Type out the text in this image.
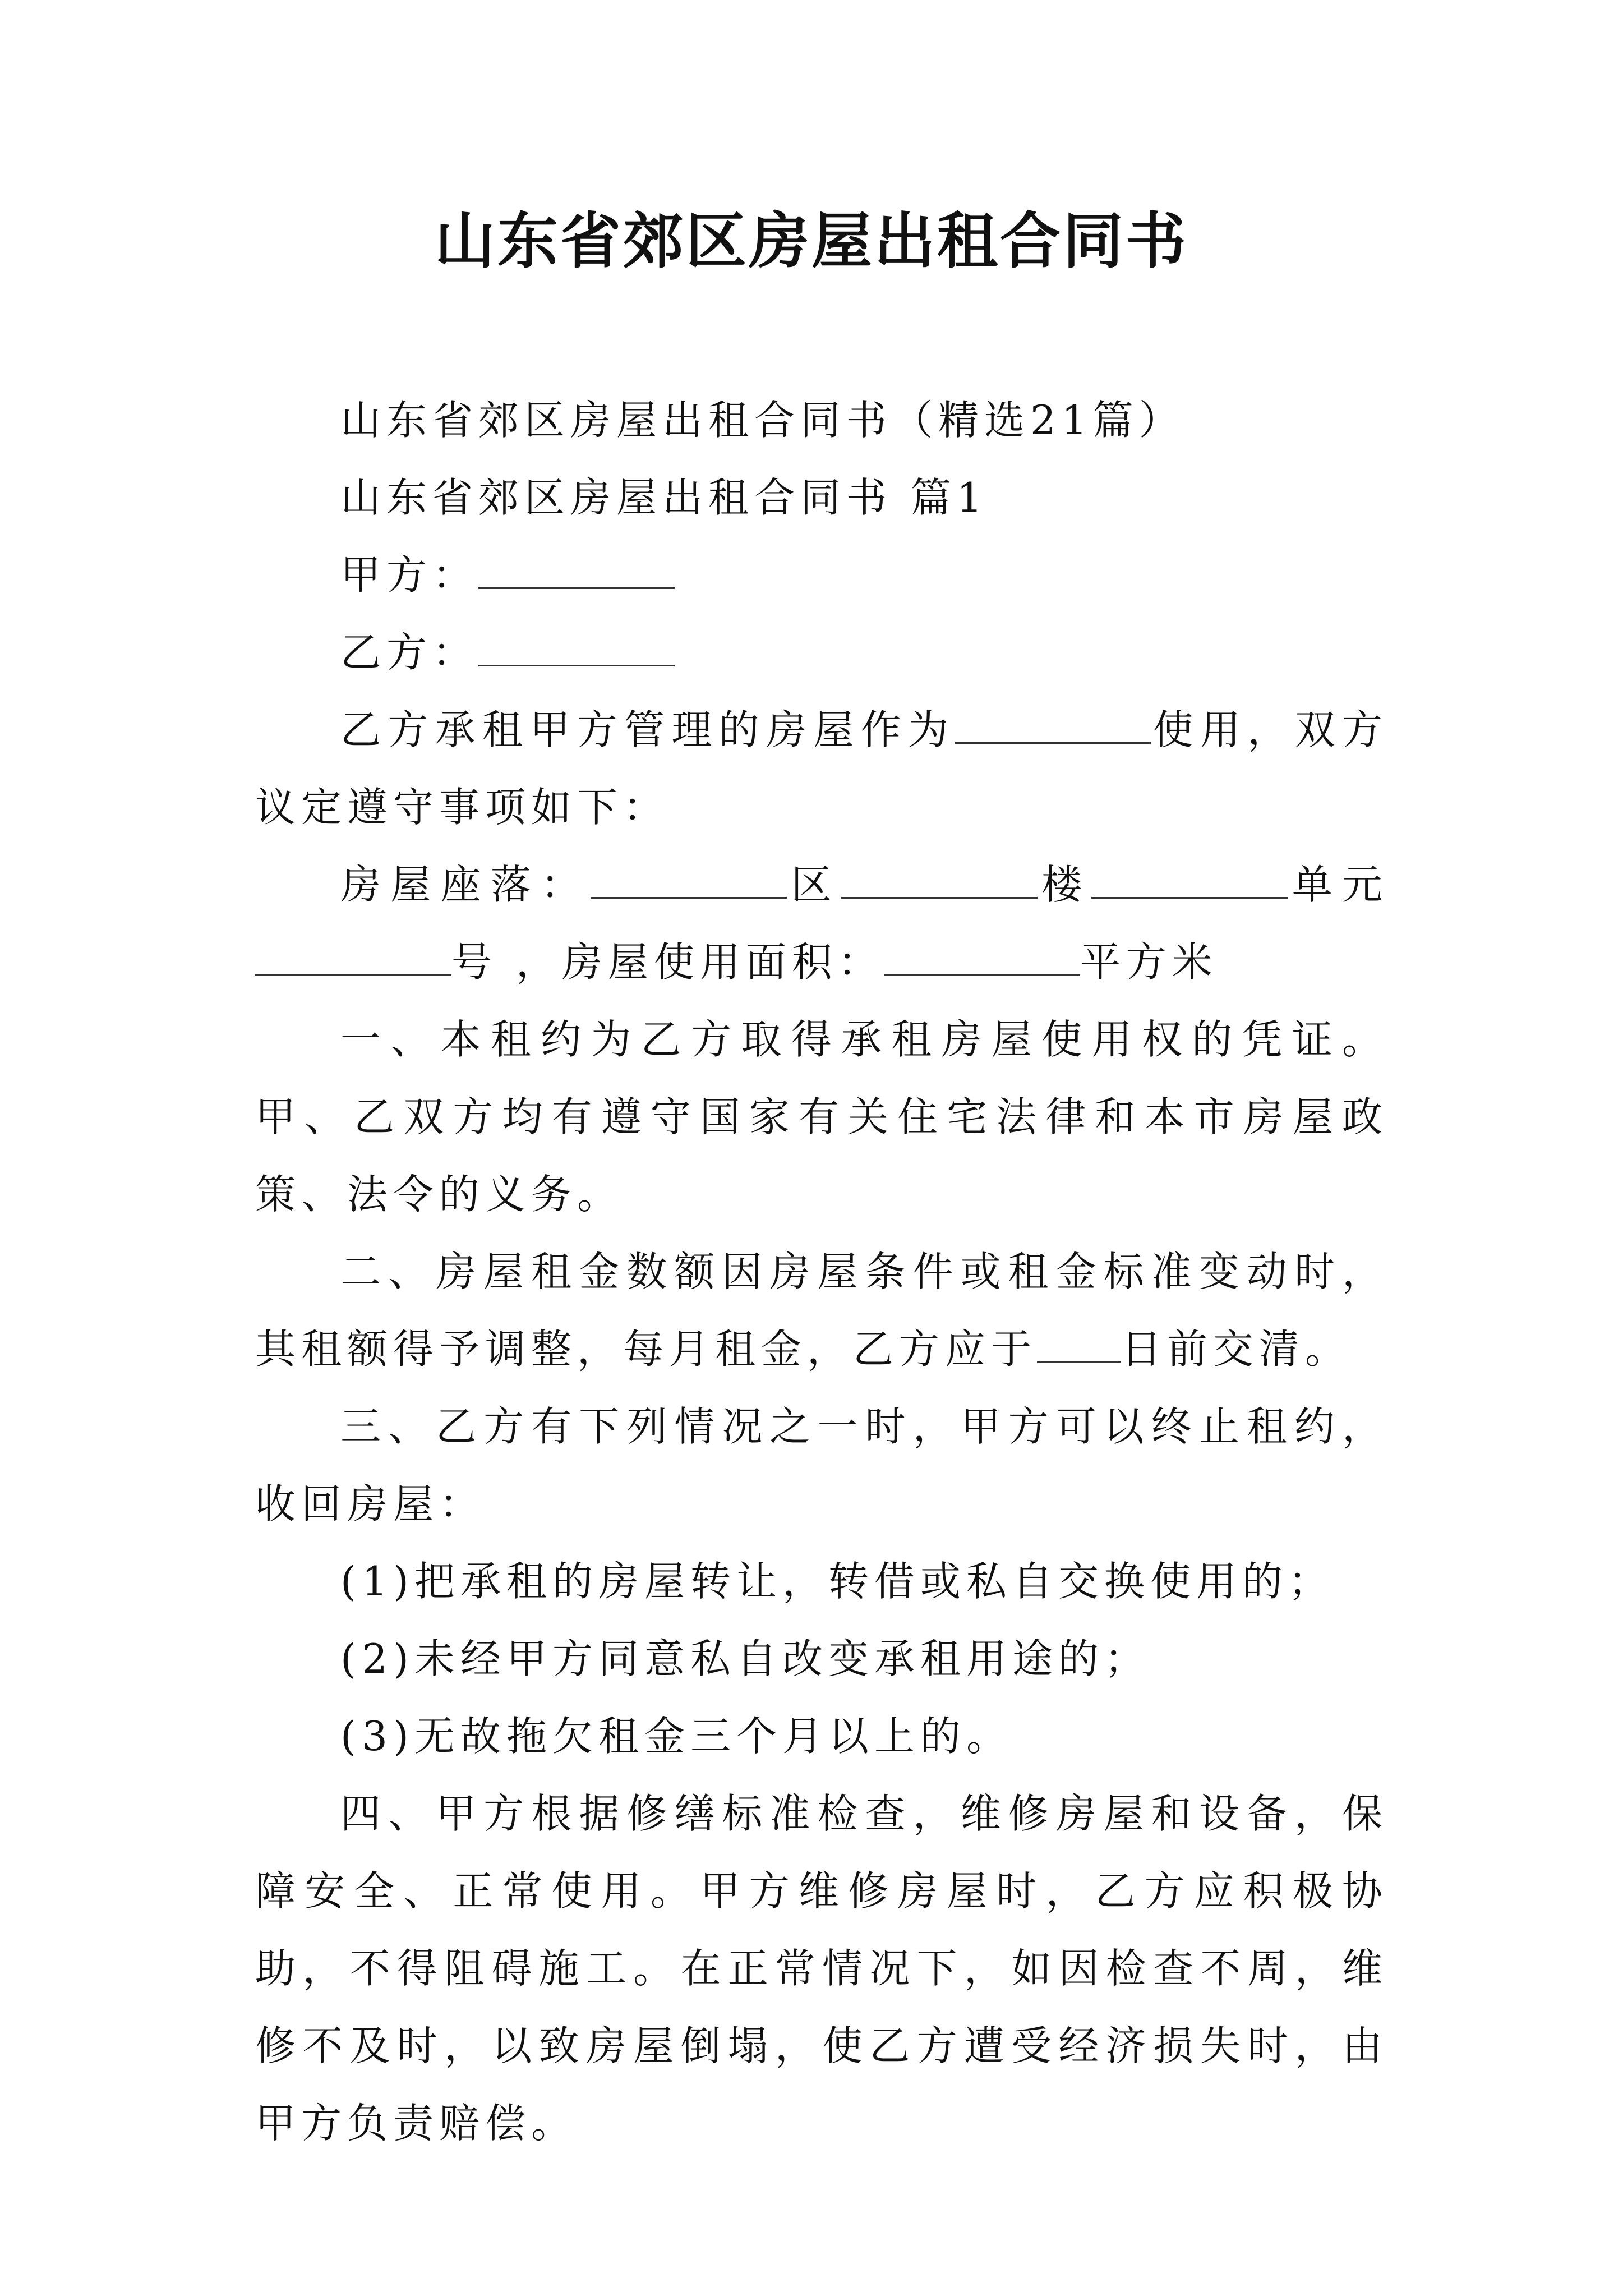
山东省郊区房屋出租合同书

山东省郊区房屋出租合同书（精选21篇）

山东省郊区房屋出租合同书 篇1

甲方：

乙方：

乙方承租甲方管理的房屋作为	使用，双方议定遵守事项如下：

房屋座落：	区	楼	单元号 ，房屋使用面积：	平方米

一、本租约为乙方取得承租房屋使用权的凭证。甲、乙双方均有遵守国家有关住宅法律和本市房屋政策、法令的义务。

二、房屋租金数额因房屋条件或租金标准变动时，其租额得予调整，每月租金，乙方应于 日前交清。

三、乙方有下列情况之一时，甲方可以终止租约，收回房屋：

(1)把承租的房屋转让，转借或私自交换使用的；

(2)未经甲方同意私自改变承租用途的；

(3)无故拖欠租金三个月以上的。

四、甲方根据修缮标准检查，维修房屋和设备，保障安全、正常使用。甲方维修房屋时，乙方应积极协助，不得阻碍施工。在正常情况下，如因检查不周，维修不及时，以致房屋倒塌，使乙方遭受经济损失时，由甲方负责赔偿。
